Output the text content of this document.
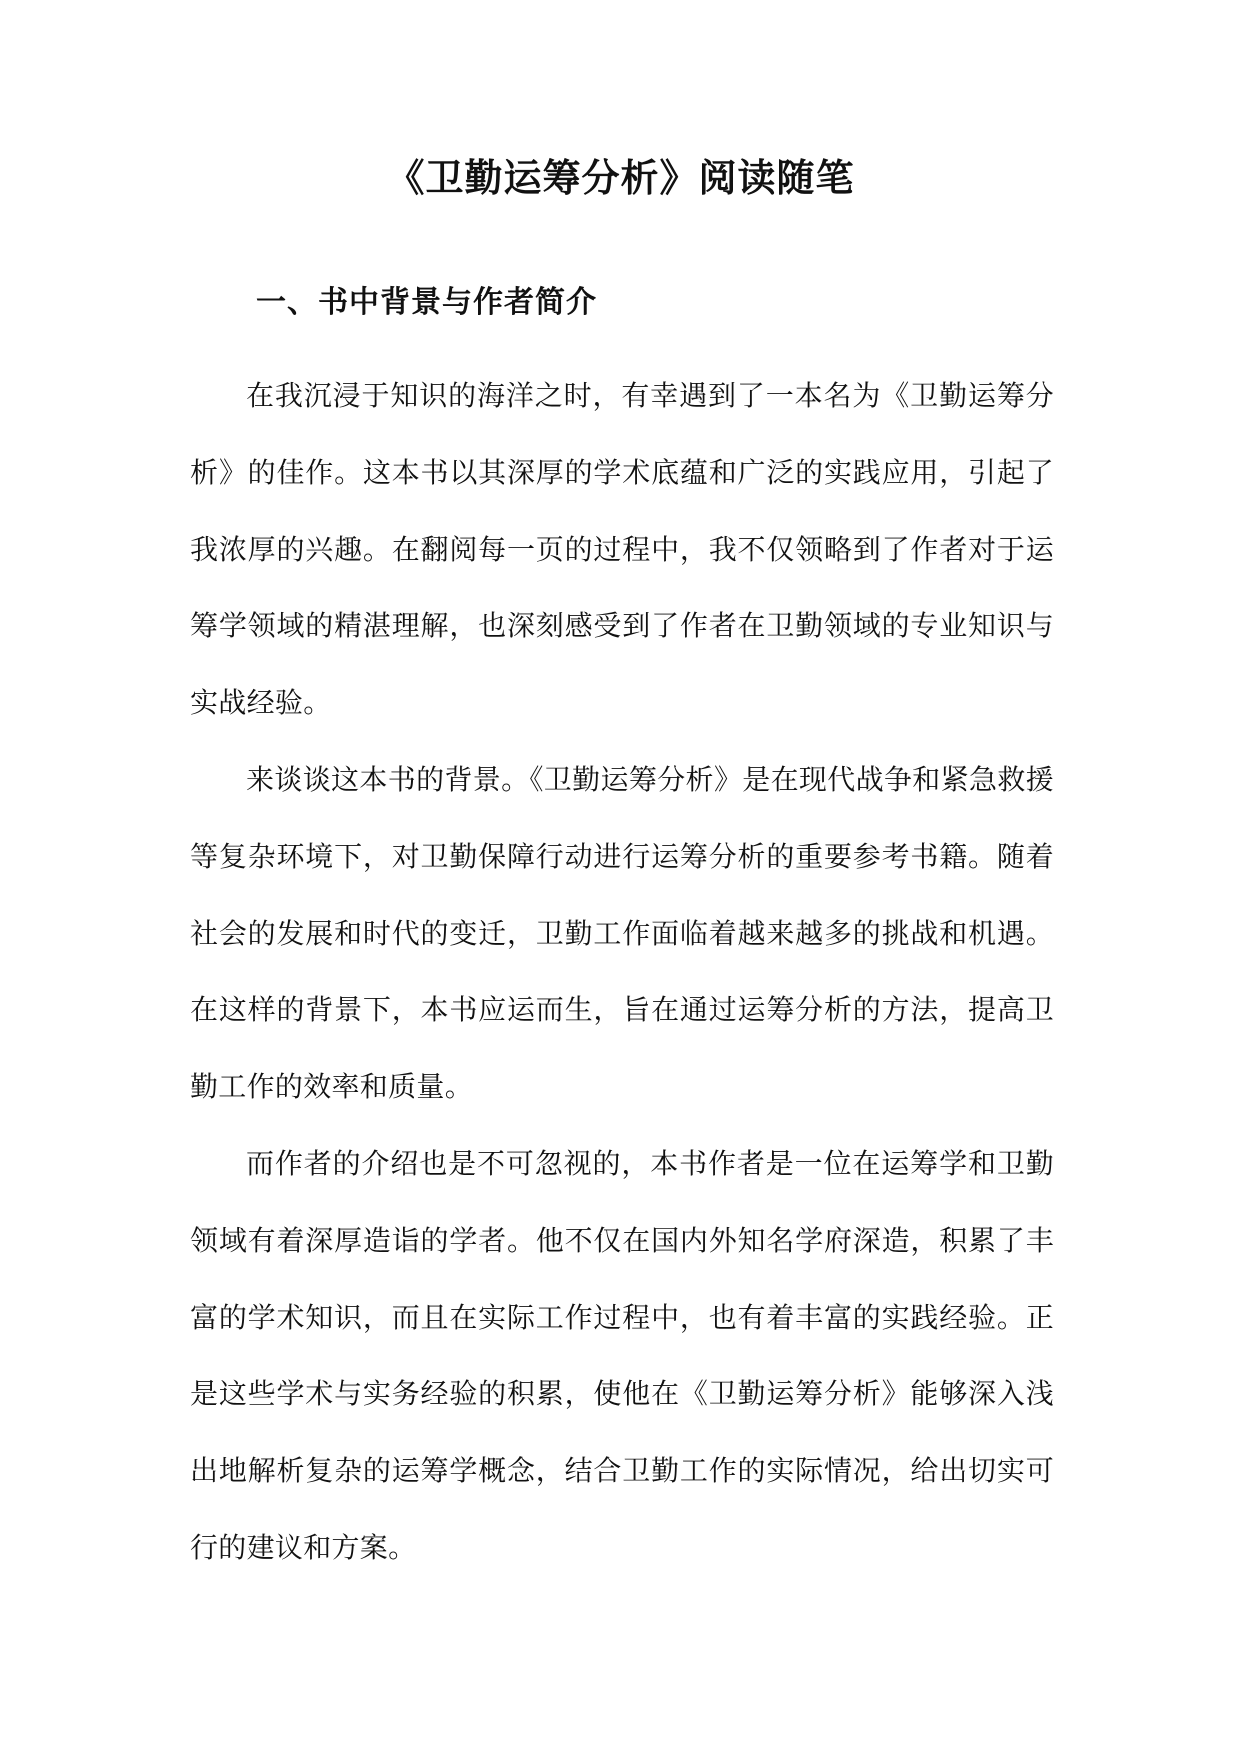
《卫勤运筹分析》阅读随笔
一、书中背景与作者简介

在我沉浸于知识的海洋之时，有幸遇到了一本名为《卫勤运筹分析》的佳作。这本书以其深厚的学术底蕴和广泛的实践应用，引起了我浓厚的兴趣。在翻阅每一页的过程中，我不仅领略到了作者对于运筹学领域的精湛理解，也深刻感受到了作者在卫勤领域的专业知识与实战经验。

来谈谈这本书的背景。《卫勤运筹分析》是在现代战争和紧急救援等复杂环境下，对卫勤保障行动进行运筹分析的重要参考书籍。随着社会的发展和时代的变迁，卫勤工作面临着越来越多的挑战和机遇。在这样的背景下，本书应运而生，旨在通过运筹分析的方法，提高卫勤工作的效率和质量。

而作者的介绍也是不可忽视的，本书作者是一位在运筹学和卫勤领域有着深厚造诣的学者。他不仅在国内外知名学府深造，积累了丰富的学术知识，而且在实际工作过程中，也有着丰富的实践经验。正是这些学术与实务经验的积累，使他在《卫勤运筹分析》能够深入浅出地解析复杂的运筹学概念，结合卫勤工作的实际情况，给出切实可行的建议和方案。
